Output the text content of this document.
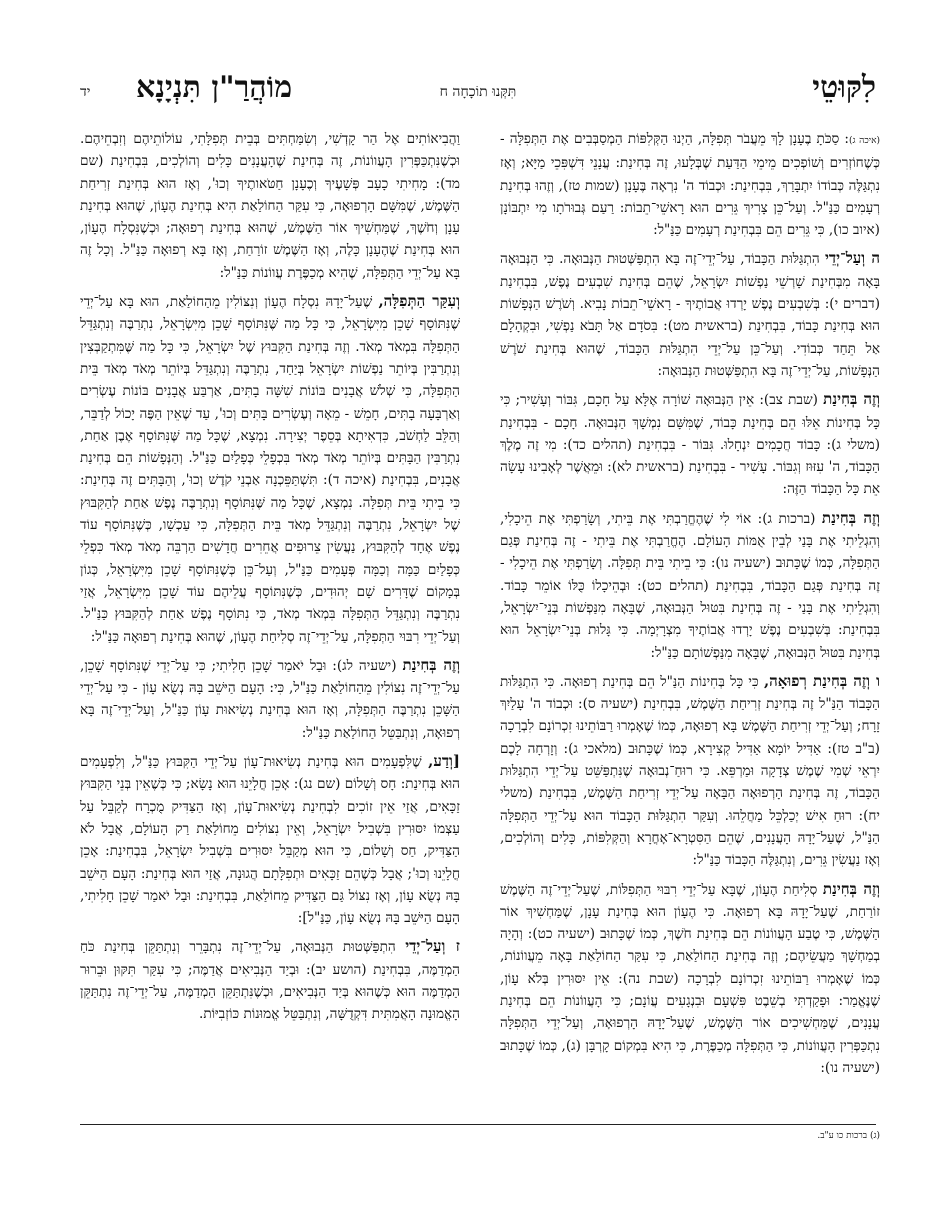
לִקּוּטֵי
תִּקְּנוּ תוֹכָחָה ח
מוֹהֲרַ"ן תִּנְיָנָא
יד

(איכה ג): סַכֹּתָ בֶעָנָן לָךְ מֵעֲבֹר תְּפִלָּה, הַיְנוּ הַקְּלִפּוֹת הַמְסַבְּבִים אֶת הַתְּפִלָּה - כְּשֶׁחוֹזְרִים וְשׁוֹפְכִים מֵימֵי הַדַּעַת שֶׁבְּלָעוּ, זֶה בְּחִינַת: עֲנָנֵי דִּשְׁפִּכֵי מַיָּא; וְאָז נִתְגַּלֶּה כְּבוֹדוֹ יִתְבָּרַךְ, בִּבְחִינַת: וּכְבוֹד ה' נִרְאָה בֶּעָנָן (שמות טז), וְזֶהוּ בְּחִינַת רְעָמִים כַּנַּ"ל. וְעַל־כֵּן צָרִיךְ גֵּרִים הוּא רָאשֵׁי־תֵבוֹת: רַעַם גְּבוּרֹתָו מִי יִתְבּוֹנָן (איוב כו), כִּי גֵּרִים הֵם בִּבְחִינַת רְעָמִים כַּנַּ"ל:

ה וְעַל־יְדֵי הִתְגַּלּוּת הַכָּבוֹד, עַל־יְדֵי־זֶה בָּא הִתְפַּשְּׁטוּת הַנְּבוּאָה. כִּי הַנְּבוּאָה בָּאָה מִבְּחִינַת שָׁרְשֵׁי נַפְשׁוֹת יִשְׂרָאֵל, שֶׁהֵם בְּחִינַת שִׁבְעִים נֶפֶשׁ, בִּבְחִינַת (דברים י): בְּשִׁבְעִים נֶפֶשׁ יָרְדוּ אֲבוֹתֶיךָ - רָאשֵׁי־תֵבוֹת נָבִיא. וְשֹׁרֶשׁ הַנְּפָשׁוֹת הוּא בְּחִינַת כָּבוֹד, בִּבְחִינַת (בראשית מט): בִּסֹדָם אַל תָּבֹא נַפְשִׁי, וּבִקְהָלָם אַל תֵּחַד כְּבוֹדִי. וְעַל־כֵּן עַל־יְדֵי הִתְגַּלּוּת הַכָּבוֹד, שֶׁהוּא בְּחִינַת שֹׁרֶשׁ הַנְּפָשׁוֹת, עַל־יְדֵי־זֶה בָּא הִתְפַּשְּׁטוּת הַנְּבוּאָה:

וְזֶה בְּחִינַת (שבת צב): אֵין הַנְּבוּאָה שׁוֹרָה אֶלָּא עַל חָכָם, גִּבּוֹר וְעָשִׁיר; כִּי כָּל בְּחִינוֹת אֵלּוּ הֵם בְּחִינַת כָּבוֹד, שֶׁמִּשָּׁם נִמְשָׁךְ הַנְּבוּאָה. חָכָם - בִּבְחִינַת (משלי ג): כָּבוֹד חֲכָמִים יִנְחָלוּ. גִּבּוֹר - בִּבְחִינַת (תהלים כד): מִי זֶה מֶלֶךְ הַכָּבוֹד, ה' עִזּוּז וְגִבּוֹר. עָשִׁיר - בִּבְחִינַת (בראשית לא): וּמֵאֲשֶׁר לְאָבִינוּ עָשָׂה אֵת כָּל הַכָּבוֹד הַזֶּה:

וְזֶה בְּחִינַת (ברכות ג): אוֹי לִי שֶׁהֶחֱרַבְתִּי אֶת בֵּיתִי, וְשָׂרַפְתִּי אֶת הֵיכָלִי, וְהִגְלֵיתִי אֶת בָּנַי לְבֵין אֻמּוֹת הָעוֹלָם. הֶחֱרַבְתִּי אֶת בֵּיתִי - זֶה בְּחִינַת פְּגַם הַתְּפִלָּה, כְּמוֹ שֶׁכָּתוּב (ישעיה נו): כִּי בֵיתִי בֵּית תְּפִלָּה. וְשָׂרַפְתִּי אֶת הֵיכָלִי - זֶה בְּחִינַת פְּגַם הַכָּבוֹד, בִּבְחִינַת (תהלים כט): וּבְהֵיכָלוֹ כֻּלּוֹ אוֹמֵר כָּבוֹד. וְהִגְלֵיתִי אֶת בָּנַי - זֶה בְּחִינַת בִּטּוּל הַנְּבוּאָה, שֶׁבָּאָה מִנַּפְשׁוֹת בְּנֵי־יִשְׂרָאֵל, בִּבְחִינַת: בְּשִׁבְעִים נֶפֶשׁ יָרְדוּ אֲבוֹתֶיךָ מִצְרָיְמָה. כִּי גָּלוּת בְּנֵי־יִשְׂרָאֵל הוּא בְּחִינַת בִּטּוּל הַנְּבוּאָה, שֶׁבָּאָה מִנַּפְשׁוֹתָם כַּנַּ"ל:

ו וְזֶה בְּחִינַת רְפוּאָה, כִּי כָּל בְּחִינוֹת הַנַּ"ל הֵם בְּחִינַת רְפוּאָה. כִּי הִתְגַּלּוּת הַכָּבוֹד הַנַּ"ל זֶה בְּחִינַת זְרִיחַת הַשֶּׁמֶשׁ, בִּבְחִינַת (ישעיה ס): וּכְבוֹד ה' עָלַיִךְ זָרָח; וְעַל־יְדֵי זְרִיחַת הַשֶּׁמֶשׁ בָּא רְפוּאָה, כְּמוֹ שֶׁאָמְרוּ רַבּוֹתֵינוּ זִכְרוֹנָם לִבְרָכָה (ב"ב טז): אַדִּיל יוֹמָא אַדִּיל קְצִירָא, כְּמוֹ שֶׁכָּתוּב (מלאכי ג): וְזָרְחָה לָכֶם יִרְאֵי שְׁמִי שֶׁמֶשׁ צְדָקָה וּמַרְפֵּא. כִּי רוּחַ־נְבוּאָה שֶׁנִּתְפַּשֵּׁט עַל־יְדֵי הִתְגַּלּוּת הַכָּבוֹד, זֶה בְּחִינַת הָרְפוּאָה הַבָּאָה עַל־יְדֵי זְרִיחַת הַשֶּׁמֶשׁ, בִּבְחִינַת (משלי יח): רוּחַ אִישׁ יְכַלְכֵּל מַחֲלֵהוּ. וְעִקַּר הִתְגַּלּוּת הַכָּבוֹד הוּא עַל־יְדֵי הַתְּפִלָּה הַנַּ"ל, שֶׁעַל־יָדָהּ הָעֲנָנִים, שֶׁהֵם הַסִּטְרָא־אָחֳרָא וְהַקְּלִפּוֹת, כָּלִים וְהוֹלְכִים, וְאָז נַעֲשִׂין גֵּרִים, וְנִתְגַּלֶּה הַכָּבוֹד כַּנַּ"ל:

וְזֶה בְּחִינַת סְלִיחַת הֶעָוֹן, שֶׁבָּא עַל־יְדֵי רִבּוּי הַתְּפִלּוֹת, שֶׁעַל־יְדֵי־זֶה הַשֶּׁמֶשׁ זוֹרַחַת, שֶׁעַל־יָדָהּ בָּא רְפוּאָה. כִּי הֶעָוֹן הוּא בְּחִינַת עָנָן, שֶׁמַּחְשִׁיךְ אוֹר הַשֶּׁמֶשׁ, כִּי טֶבַע הָעֲווֹנוֹת הֵם בְּחִינַת חֹשֶׁךְ, כְּמוֹ שֶׁכָּתוּב (ישעיה כט): וְהָיָה בְמַחְשָׁךְ מַעֲשֵׂיהֶם; וְזֶה בְּחִינַת הַחוֹלַאַת, כִּי עִקַּר הַחוֹלַאַת בָּאָה מֵעֲווֹנוֹת, כְּמוֹ שֶׁאָמְרוּ רַבּוֹתֵינוּ זִכְרוֹנָם לִבְרָכָה (שבת נה): אֵין יִסּוּרִין בְּלֹא עָוֹן, שֶׁנֶּאֱמַר: וּפָקַדְתִּי בְשֵׁבֶט פִּשְׁעָם וּבִנְגָעִים עֲוֹנָם; כִּי הָעֲווֹנוֹת הֵם בְּחִינַת עֲנָנִים, שֶׁמַּחְשִׁיכִים אוֹר הַשֶּׁמֶשׁ, שֶׁעַל־יָדָהּ הָרְפוּאָה, וְעַל־יְדֵי הַתְּפִלָּה נִתְכַּפְּרִין הָעֲווֹנוֹת, כִּי הַתְּפִלָּה מְכַפֶּרֶת, כִּי הִיא בִּמְקוֹם קָרְבָּן (ג), כְּמוֹ שֶׁכָּתוּב (ישעיה נו):

וַהֲבִיאוֹתִים אֶל הַר קָדְשִׁי, וְשִׂמַּחְתִּים בְּבֵית תְּפִלָּתִי, עוֹלוֹתֵיהֶם וְזִבְחֵיהֶם. וּכְשֶׁנִּתְכַּפְּרִין הָעֲווֹנוֹת, זֶה בְּחִינַת שֶׁהָעֲנָנִים כָּלִים וְהוֹלְכִים, בִּבְחִינַת (שם מד): מָחִיתִי כָעָב פְּשָׁעֶיךָ וְכֶעָנָן חַטֹּאותֶיךָ וְכוּ', וְאָז הוּא בְּחִינַת זְרִיחַת הַשֶּׁמֶשׁ, שֶׁמִּשָּׁם הָרְפוּאָה, כִּי עִקַּר הַחוֹלַאַת הִיא בְּחִינַת הֶעָוֹן, שֶׁהוּא בְּחִינַת עָנָן וְחֹשֶׁךְ, שֶׁמַּחְשִׁיךְ אוֹר הַשֶּׁמֶשׁ, שֶׁהוּא בְּחִינַת רְפוּאָה; וּכְשֶׁנִּסְלָח הֶעָוֹן, הוּא בְּחִינַת שֶׁהֶעָנָן כָּלֶה, וְאָז הַשֶּׁמֶשׁ זוֹרַחַת, וְאָז בָּא רְפוּאָה כַּנַּ"ל. וְכָל זֶה בָּא עַל־יְדֵי הַתְּפִלָּה, שֶׁהִיא מְכַפֶּרֶת עֲווֹנוֹת כַּנַּ"ל:

וְעִקַּר הַתְּפִלָּה, שֶׁעַל־יָדָהּ נִסְלָח הֶעָוֹן וְנִצּוֹלִין מֵהַחוֹלַאַת, הוּא בָּא עַל־יְדֵי שֶׁנִּתּוֹסָף שָׁכֵן מִיִּשְׂרָאֵל, כִּי כָּל מַה שֶּׁנִּתּוֹסָף שָׁכֵן מִיִּשְׂרָאֵל, נִתְרַבֶּה וְנִתְגַּדֵּל הַתְּפִלָּה בִּמְאֹד מְאֹד. וְזֶה בְּחִינַת הַקִּבּוּץ שֶׁל יִשְׂרָאֵל, כִּי כָּל מַה שֶּׁמִּתְקַבְּצִין וְנִתְרַבִּין בְּיוֹתֵר נַפְשׁוֹת יִשְׂרָאֵל בְּיַחַד, נִתְרַבֶּה וְנִתְגַּדֵּל בְּיוֹתֵר מְאֹד מְאֹד בֵּית הַתְּפִלָּה, כִּי שְׁלֹשׁ אֲבָנִים בּוֹנוֹת שִׁשָּׁה בָתִּים, אַרְבַּע אֲבָנִים בּוֹנוֹת עֶשְׂרִים וְאַרְבָּעָה בָתִּים, חָמֵשׁ - מֵאָה וְעֶשְׂרִים בָּתִּים וְכוּ', עַד שֶׁאֵין הַפֶּה יָכוֹל לְדַבֵּר, וְהַלֵּב לַחְשֹׁב, כִּדְאִיתָא בְּסֵפֶר יְצִירָה. נִמְצָא, שֶׁכָּל מַה שֶּׁנִּתּוֹסָף אֶבֶן אַחַת, נִתְרַבִּין הַבָּתִּים בְּיוֹתֵר מְאֹד מְאֹד בִּכְפָלֵי כְּפָלַיִם כַּנַּ"ל. וְהַנְּפָשׁוֹת הֵם בְּחִינַת אֲבָנִים, בִּבְחִינַת (איכה ד): תִּשְׁתַּפֵּכְנָה אַבְנֵי קֹדֶשׁ וְכוּ', וְהַבָּתִּים זֶה בְּחִינַת: כִּי בֵיתִי בֵּית תְּפִלָּה. נִמְצָא, שֶׁכָּל מַה שֶּׁנִּתּוֹסָף וְנִתְרַבֶּה נֶפֶשׁ אַחַת לְהַקִּבּוּץ שֶׁל יִשְׂרָאֵל, נִתְרַבֶּה וְנִתְגַּדֵּל מְאֹד בֵּית הַתְּפִלָּה, כִּי עַכְשָׁו, כְּשֶׁנִּתּוֹסָף עוֹד נֶפֶשׁ אֶחָד לְהַקִּבּוּץ, נַעֲשִׂין צֵרוּפִים אֲחֵרִים חֲדָשִׁים הַרְבֵּה מְאֹד מְאֹד כִּפְלֵי כְּפָלַיִם כַּמָּה וְכַמָּה פְּעָמִים כַּנַּ"ל, וְעַל־כֵּן כְּשֶׁנִּתּוֹסָף שָׁכֵן מִיִּשְׂרָאֵל, כְּגוֹן בְּמָקוֹם שֶׁדָּרִים שָׁם יְהוּדִים, כְּשֶׁנִּתּוֹסָף עֲלֵיהֶם עוֹד שָׁכֵן מִיִּשְׂרָאֵל, אֲזַי נִתְרַבֶּה וְנִתְגַּדֵּל הַתְּפִלָּה בִּמְאֹד מְאֹד, כִּי נִתּוֹסָף נֶפֶשׁ אַחַת לְהַקִּבּוּץ כַּנַּ"ל. וְעַל־יְדֵי רִבּוּי הַתְּפִלָּה, עַל־יְדֵי־זֶה סְלִיחַת הֶעָוֹן, שֶׁהוּא בְּחִינַת רְפוּאָה כַּנַּ"ל:

וְזֶה בְּחִינַת (ישעיה לג): וּבַל יֹאמַר שָׁכֵן חָלִיתִי; כִּי עַל־יְדֵי שֶׁנִּתּוֹסָף שָׁכֵן, עַל־יְדֵי־זֶה נִצּוֹלִין מֵהַחוֹלַאַת כַּנַּ"ל, כִּי: הָעָם הַיּשֵׁב בָּהּ נְשֻׂא עָוֹן - כִּי עַל־יְדֵי הַשָּׁכֵן נִתְרַבֶּה הַתְּפִלָּה, וְאָז הוּא בְּחִינַת נְשִׂיאוּת עָוֹן כַּנַּ"ל, וְעַל־יְדֵי־זֶה בָּא רְפוּאָה, וְנִתְבַּטֵּל הַחוֹלַאַת כַּנַּ"ל:

[וְדַע, שֶׁלִּפְעָמִים הוּא בְּחִינַת נְשִׂיאוּת־עָוֹן עַל־יְדֵי הַקִּבּוּץ כַּנַּ"ל, וְלִפְעָמִים הוּא בְּחִינַת: חָס וְשָׁלוֹם (שם נג): אָכֵן חֳלָיֵנוּ הוּא נָשָׂא; כִּי כְּשֶׁאֵין בְּנֵי הַקִּבּוּץ זַכָּאִים, אֲזַי אֵין זוֹכִים לִבְחִינַת נְשִׂיאוּת־עָוֹן, וְאָז הַצַּדִּיק מֻכְרָח לְקַבֵּל עַל עַצְמוֹ יִסּוּרִין בִּשְׁבִיל יִשְׂרָאֵל, וְאֵין נִצּוֹלִים מֵחוֹלַאַת רַק הָעוֹלָם, אֲבָל לֹא הַצַּדִּיק, חַס וְשָׁלוֹם, כִּי הוּא מְקַבֵּל יִסּוּרִים בִּשְׁבִיל יִשְׂרָאֵל, בִּבְחִינַת: אָכֵן חֳלָיֵנוּ וְכוּ'; אֲבָל כְּשֶׁהֵם זַכָּאִים וּתְפִלָּתָם הֲגוּנָה, אֲזַי הוּא בְּחִינַת: הָעָם הַיּשֵׁב בָּהּ נְשֻׂא עָוֹן, וְאָז נִצּוֹל גַּם הַצַּדִּיק מֵחוֹלַאַת, בִּבְחִינַת: וּבַל יֹאמַר שָׁכֵן חָלִיתִי, הָעָם הַיּשֵׁב בָּהּ נְשֻׂא עָוֹן, כַּנַּ"ל]:

ז וְעַל־יְדֵי הִתְפַּשְּׁטוּת הַנְּבוּאָה, עַל־יְדֵי־זֶה נִתְבָּרֵר וְנִתְתַּקֵּן בְּחִינַת כֹּחַ הַמְדַמֶּה, בִּבְחִינַת (הושע יב): וּבְיַד הַנְּבִיאִים אֲדַמֶּה; כִּי עִקַּר תִּקּוּן וּבֵרוּר הַמְדַמֶּה הוּא כְּשֶׁהוּא בְּיַד הַנְּבִיאִים, וּכְשֶׁנִּתְתַּקֵּן הַמְדַמֶּה, עַל־יְדֵי־זֶה נִתְתַּקֵּן הָאֱמוּנָה הָאֲמִתִּית דִּקְדֻשָּׁה, וְנִתְבַּטֵּל אֱמוּנוֹת כּוֹזְבִיּוֹת.

(ג) ברכות כו ע"ב.
